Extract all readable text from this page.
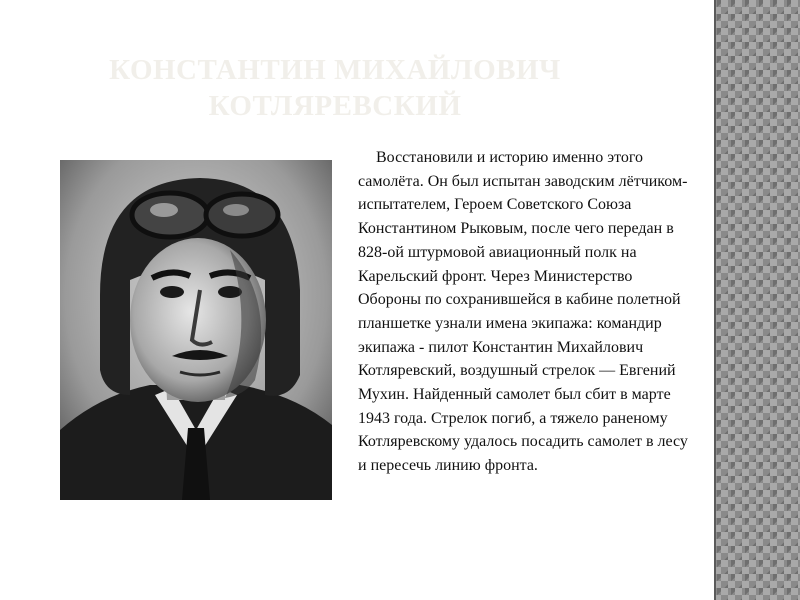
КОНСТАНТИН МИХАЙЛОВИЧ
КОТЛЯРЕВСКИЙ

Восстановили и историю именно этого самолёта. Он был испытан заводским лётчиком-испытателем, Героем Советского Союза Константином Рыковым, после чего передан в 828-ой штурмовой авиационный полк на Карельский фронт. Через Министерство Обороны по сохранившейся в кабине полетной планшетке узнали имена экипажа: командир экипажа - пилот Константин Михайлович Котляревский, воздушный стрелок — Евгений Мухин. Найденный самолет был сбит в марте 1943 года. Стрелок погиб, а тяжело раненому Котляревскому удалось посадить самолет в лесу и пересечь линию фронта.
